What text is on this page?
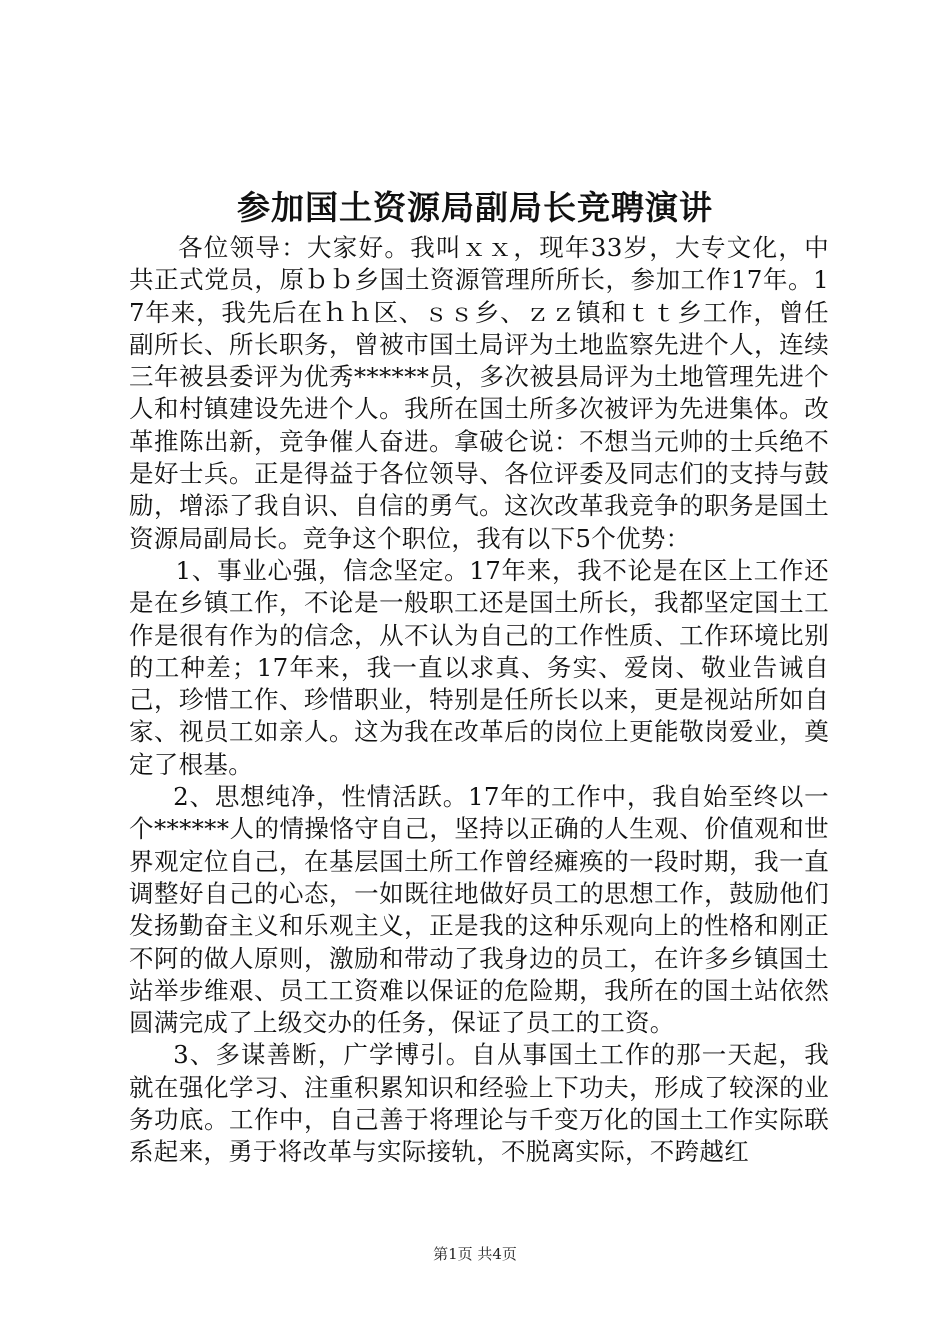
参加国土资源局副局长竞聘演讲

各位领导：大家好。我叫ｘｘ，现年33岁，大专文化，中共正式党员，原ｂｂ乡国土资源管理所所长，参加工作17年。17年来，我先后在ｈｈ区、ｓｓ乡、ｚｚ镇和ｔｔ乡工作，曾任副所长、所长职务，曾被市国土局评为土地监察先进个人，连续三年被县委评为优秀******员，多次被县局评为土地管理先进个人和村镇建设先进个人。我所在国土所多次被评为先进集体。改革推陈出新，竞争催人奋进。拿破仑说：不想当元帅的士兵绝不是好士兵。正是得益于各位领导、各位评委及同志们的支持与鼓励，增添了我自识、自信的勇气。这次改革我竞争的职务是国土资源局副局长。竞争这个职位，我有以下5个优势：

1、事业心强，信念坚定。17年来，我不论是在区上工作还是在乡镇工作，不论是一般职工还是国土所长，我都坚定国土工作是很有作为的信念，从不认为自己的工作性质、工作环境比别的工种差；17年来，我一直以求真、务实、爱岗、敬业告诫自己，珍惜工作、珍惜职业，特别是任所长以来，更是视站所如自家、视员工如亲人。这为我在改革后的岗位上更能敬岗爱业，奠定了根基。

2、思想纯净，性情活跃。17年的工作中，我自始至终以一个******人的情操恪守自己，坚持以正确的人生观、价值观和世界观定位自己，在基层国土所工作曾经瘫痪的一段时期，我一直调整好自己的心态，一如既往地做好员工的思想工作，鼓励他们发扬勤奋主义和乐观主义，正是我的这种乐观向上的性格和刚正不阿的做人原则，激励和带动了我身边的员工，在许多乡镇国土站举步维艰、员工工资难以保证的危险期，我所在的国土站依然圆满完成了上级交办的任务，保证了员工的工资。

3、多谋善断，广学博引。自从事国土工作的那一天起，我就在强化学习、注重积累知识和经验上下功夫，形成了较深的业务功底。工作中，自己善于将理论与千变万化的国土工作实际联系起来，勇于将改革与实际接轨，不脱离实际，不跨越红

第1页 共4页
